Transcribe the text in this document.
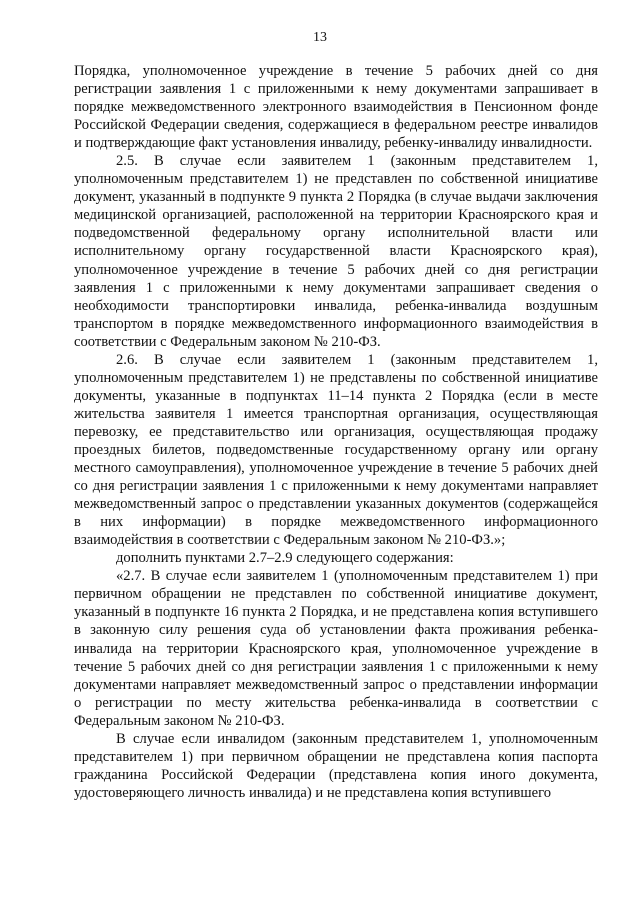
13

Порядка, уполномоченное учреждение в течение 5 рабочих дней со дня регистрации заявления 1 с приложенными к нему документами запрашивает в порядке межведомственного электронного взаимодействия в Пенсионном фонде Российской Федерации сведения, содержащиеся в федеральном реестре инвалидов и подтверждающие факт установления инвалиду, ребенку-инвалиду инвалидности.

2.5. В случае если заявителем 1 (законным представителем 1, уполномоченным представителем 1) не представлен по собственной инициативе документ, указанный в подпункте 9 пункта 2 Порядка (в случае выдачи заключения медицинской организацией, расположенной на территории Красноярского края и подведомственной федеральному органу исполнительной власти или исполнительному органу государственной власти Красноярского края), уполномоченное учреждение в течение 5 рабочих дней со дня регистрации заявления 1 с приложенными к нему документами запрашивает сведения о необходимости транспортировки инвалида, ребенка-инвалида воздушным транспортом в порядке межведомственного информационного взаимодействия в соответствии с Федеральным законом № 210-ФЗ.

2.6. В случае если заявителем 1 (законным представителем 1, уполномоченным представителем 1) не представлены по собственной инициативе документы, указанные в подпунктах 11–14 пункта 2 Порядка (если в месте жительства заявителя 1 имеется транспортная организация, осуществляющая перевозку, ее представительство или организация, осуществляющая продажу проездных билетов, подведомственные государственному органу или органу местного самоуправления), уполномоченное учреждение в течение 5 рабочих дней со дня регистрации заявления 1 с приложенными к нему документами направляет межведомственный запрос о представлении указанных документов (содержащейся в них информации) в порядке межведомственного информационного взаимодействия в соответствии с Федеральным законом № 210-ФЗ.»;

дополнить пунктами 2.7–2.9 следующего содержания:

«2.7. В случае если заявителем 1 (уполномоченным представителем 1) при первичном обращении не представлен по собственной инициативе документ, указанный в подпункте 16 пункта 2 Порядка, и не представлена копия вступившего в законную силу решения суда об установлении факта проживания ребенка-инвалида на территории Красноярского края, уполномоченное учреждение в течение 5 рабочих дней со дня регистрации заявления 1 с приложенными к нему документами направляет межведомственный запрос о представлении информации о регистрации по месту жительства ребенка-инвалида в соответствии с Федеральным законом № 210-ФЗ.

В случае если инвалидом (законным представителем 1, уполномоченным представителем 1) при первичном обращении не представлена копия паспорта гражданина Российской Федерации (представлена копия иного документа, удостоверяющего личность инвалида) и не представлена копия вступившего
